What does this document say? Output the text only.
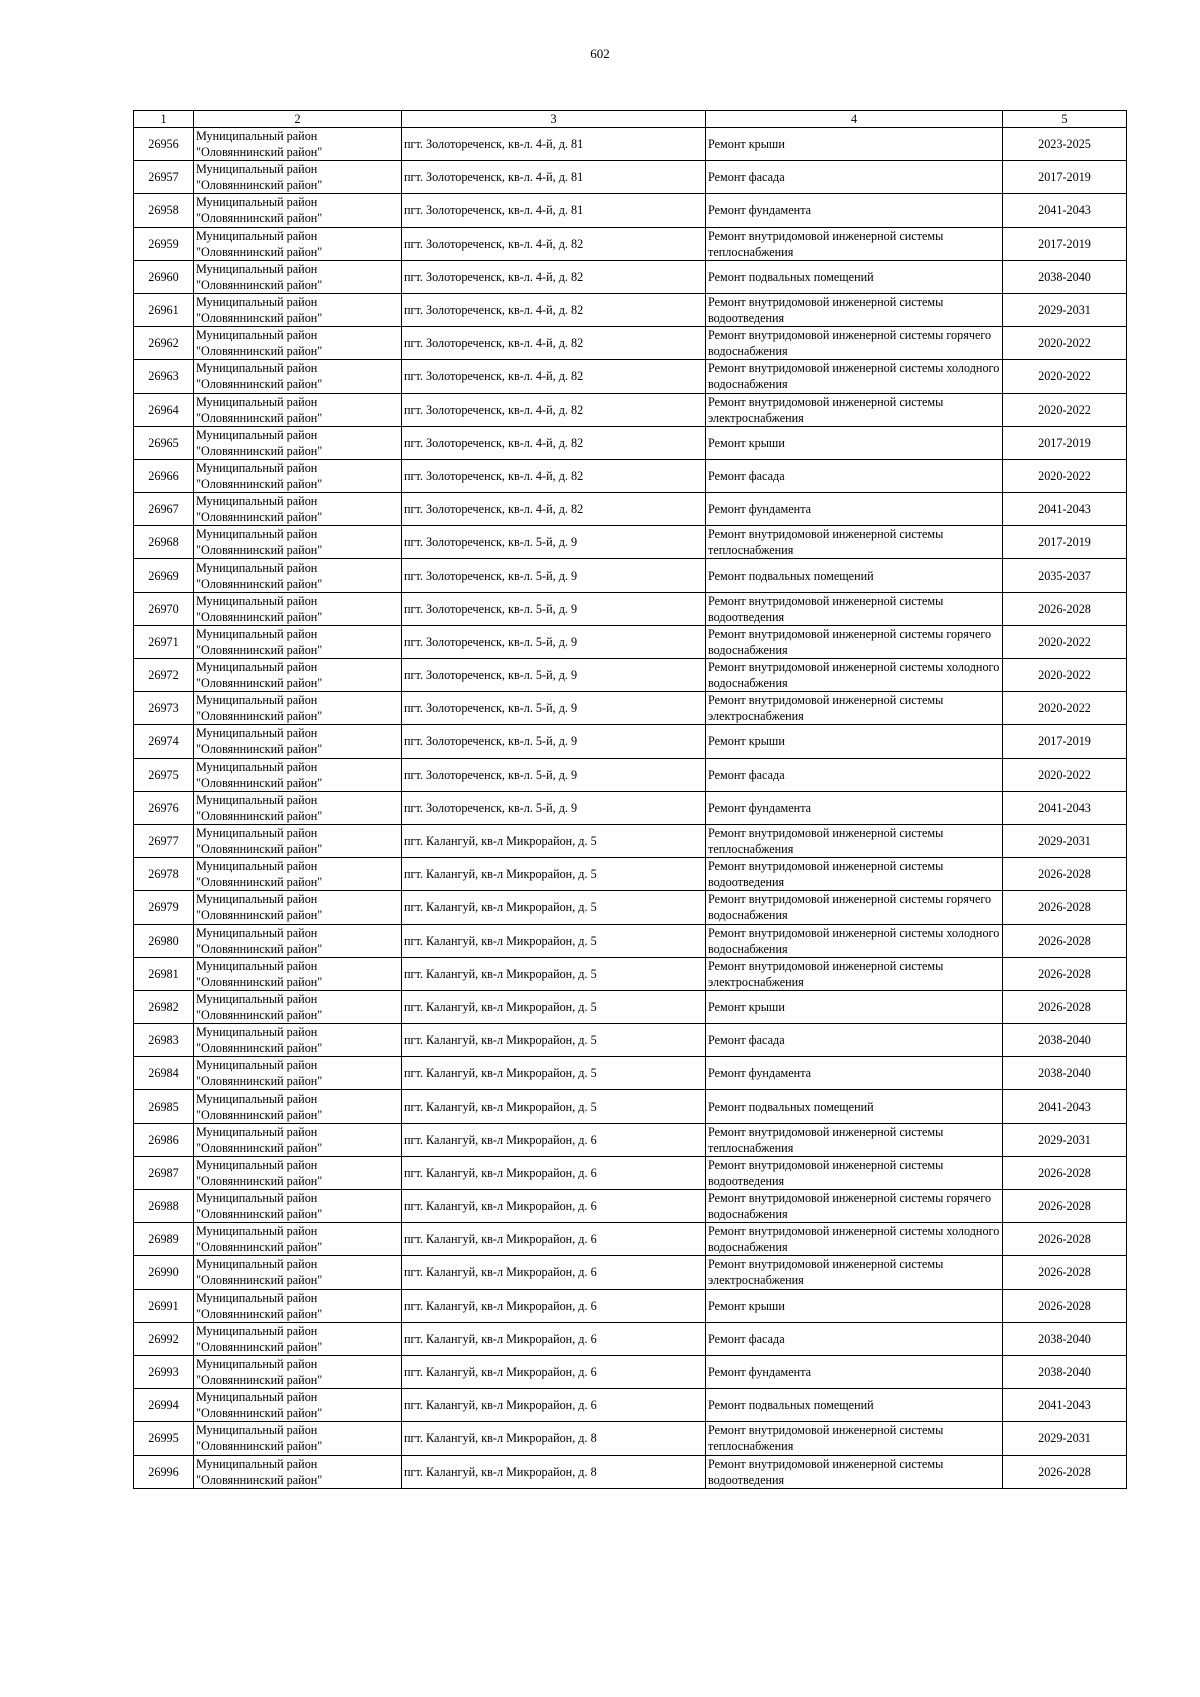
602
1	2	3	4	5
26956	Муниципальный район "Оловяннинский район"	пгт. Золотореченск, кв-л. 4-й, д. 81	Ремонт крыши	2023-2025
26957	Муниципальный район "Оловяннинский район"	пгт. Золотореченск, кв-л. 4-й, д. 81	Ремонт фасада	2017-2019
26958	Муниципальный район "Оловяннинский район"	пгт. Золотореченск, кв-л. 4-й, д. 81	Ремонт фундамента	2041-2043
26959	Муниципальный район "Оловяннинский район"	пгт. Золотореченск, кв-л. 4-й, д. 82	Ремонт внутридомовой инженерной системы теплоснабжения	2017-2019
26960	Муниципальный район "Оловяннинский район"	пгт. Золотореченск, кв-л. 4-й, д. 82	Ремонт подвальных помещений	2038-2040
26961	Муниципальный район "Оловяннинский район"	пгт. Золотореченск, кв-л. 4-й, д. 82	Ремонт внутридомовой инженерной системы водоотведения	2029-2031
26962	Муниципальный район "Оловяннинский район"	пгт. Золотореченск, кв-л. 4-й, д. 82	Ремонт внутридомовой инженерной системы горячего водоснабжения	2020-2022
26963	Муниципальный район "Оловяннинский район"	пгт. Золотореченск, кв-л. 4-й, д. 82	Ремонт внутридомовой инженерной системы холодного водоснабжения	2020-2022
26964	Муниципальный район "Оловяннинский район"	пгт. Золотореченск, кв-л. 4-й, д. 82	Ремонт внутридомовой инженерной системы электроснабжения	2020-2022
26965	Муниципальный район "Оловяннинский район"	пгт. Золотореченск, кв-л. 4-й, д. 82	Ремонт крыши	2017-2019
26966	Муниципальный район "Оловяннинский район"	пгт. Золотореченск, кв-л. 4-й, д. 82	Ремонт фасада	2020-2022
26967	Муниципальный район "Оловяннинский район"	пгт. Золотореченск, кв-л. 4-й, д. 82	Ремонт фундамента	2041-2043
26968	Муниципальный район "Оловяннинский район"	пгт. Золотореченск, кв-л. 5-й, д. 9	Ремонт внутридомовой инженерной системы теплоснабжения	2017-2019
26969	Муниципальный район "Оловяннинский район"	пгт. Золотореченск, кв-л. 5-й, д. 9	Ремонт подвальных помещений	2035-2037
26970	Муниципальный район "Оловяннинский район"	пгт. Золотореченск, кв-л. 5-й, д. 9	Ремонт внутридомовой инженерной системы водоотведения	2026-2028
26971	Муниципальный район "Оловяннинский район"	пгт. Золотореченск, кв-л. 5-й, д. 9	Ремонт внутридомовой инженерной системы горячего водоснабжения	2020-2022
26972	Муниципальный район "Оловяннинский район"	пгт. Золотореченск, кв-л. 5-й, д. 9	Ремонт внутридомовой инженерной системы холодного водоснабжения	2020-2022
26973	Муниципальный район "Оловяннинский район"	пгт. Золотореченск, кв-л. 5-й, д. 9	Ремонт внутридомовой инженерной системы электроснабжения	2020-2022
26974	Муниципальный район "Оловяннинский район"	пгт. Золотореченск, кв-л. 5-й, д. 9	Ремонт крыши	2017-2019
26975	Муниципальный район "Оловяннинский район"	пгт. Золотореченск, кв-л. 5-й, д. 9	Ремонт фасада	2020-2022
26976	Муниципальный район "Оловяннинский район"	пгт. Золотореченск, кв-л. 5-й, д. 9	Ремонт фундамента	2041-2043
26977	Муниципальный район "Оловяннинский район"	пгт. Калангуй, кв-л Микрорайон, д. 5	Ремонт внутридомовой инженерной системы теплоснабжения	2029-2031
26978	Муниципальный район "Оловяннинский район"	пгт. Калангуй, кв-л Микрорайон, д. 5	Ремонт внутридомовой инженерной системы водоотведения	2026-2028
26979	Муниципальный район "Оловяннинский район"	пгт. Калангуй, кв-л Микрорайон, д. 5	Ремонт внутридомовой инженерной системы горячего водоснабжения	2026-2028
26980	Муниципальный район "Оловяннинский район"	пгт. Калангуй, кв-л Микрорайон, д. 5	Ремонт внутридомовой инженерной системы холодного водоснабжения	2026-2028
26981	Муниципальный район "Оловяннинский район"	пгт. Калангуй, кв-л Микрорайон, д. 5	Ремонт внутридомовой инженерной системы электроснабжения	2026-2028
26982	Муниципальный район "Оловяннинский район"	пгт. Калангуй, кв-л Микрорайон, д. 5	Ремонт крыши	2026-2028
26983	Муниципальный район "Оловяннинский район"	пгт. Калангуй, кв-л Микрорайон, д. 5	Ремонт фасада	2038-2040
26984	Муниципальный район "Оловяннинский район"	пгт. Калангуй, кв-л Микрорайон, д. 5	Ремонт фундамента	2038-2040
26985	Муниципальный район "Оловяннинский район"	пгт. Калангуй, кв-л Микрорайон, д. 5	Ремонт подвальных помещений	2041-2043
26986	Муниципальный район "Оловяннинский район"	пгт. Калангуй, кв-л Микрорайон, д. 6	Ремонт внутридомовой инженерной системы теплоснабжения	2029-2031
26987	Муниципальный район "Оловяннинский район"	пгт. Калангуй, кв-л Микрорайон, д. 6	Ремонт внутридомовой инженерной системы водоотведения	2026-2028
26988	Муниципальный район "Оловяннинский район"	пгт. Калангуй, кв-л Микрорайон, д. 6	Ремонт внутридомовой инженерной системы горячего водоснабжения	2026-2028
26989	Муниципальный район "Оловяннинский район"	пгт. Калангуй, кв-л Микрорайон, д. 6	Ремонт внутридомовой инженерной системы холодного водоснабжения	2026-2028
26990	Муниципальный район "Оловяннинский район"	пгт. Калангуй, кв-л Микрорайон, д. 6	Ремонт внутридомовой инженерной системы электроснабжения	2026-2028
26991	Муниципальный район "Оловяннинский район"	пгт. Калангуй, кв-л Микрорайон, д. 6	Ремонт крыши	2026-2028
26992	Муниципальный район "Оловяннинский район"	пгт. Калангуй, кв-л Микрорайон, д. 6	Ремонт фасада	2038-2040
26993	Муниципальный район "Оловяннинский район"	пгт. Калангуй, кв-л Микрорайон, д. 6	Ремонт фундамента	2038-2040
26994	Муниципальный район "Оловяннинский район"	пгт. Калангуй, кв-л Микрорайон, д. 6	Ремонт подвальных помещений	2041-2043
26995	Муниципальный район "Оловяннинский район"	пгт. Калангуй, кв-л Микрорайон, д. 8	Ремонт внутридомовой инженерной системы теплоснабжения	2029-2031
26996	Муниципальный район "Оловяннинский район"	пгт. Калангуй, кв-л Микрорайон, д. 8	Ремонт внутридомовой инженерной системы водоотведения	2026-2028
